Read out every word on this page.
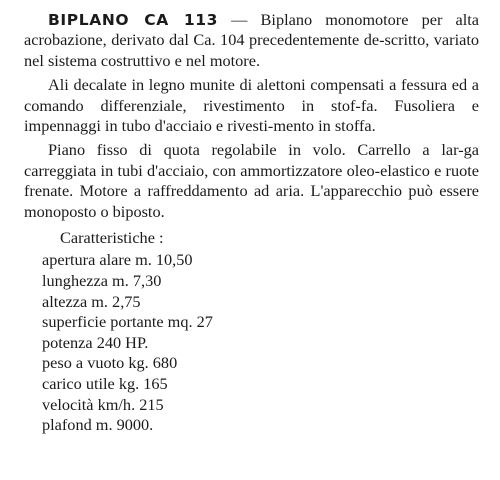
BIPLANO CA 113 — Biplano monomotore per alta acrobazione, derivato dal Ca. 104 precedentemente de-scritto, variato nel sistema costruttivo e nel motore.

Ali decalate in legno munite di alettoni compensati a fessura ed a comando differenziale, rivestimento in stof-fa. Fusoliera e impennaggi in tubo d'acciaio e rivesti-mento in stoffa.

Piano fisso di quota regolabile in volo. Carrello a lar-ga carreggiata in tubi d'acciaio, con ammortizzatore oleo-elastico e ruote frenate. Motore a raffreddamento ad aria. L'apparecchio può essere monoposto o biposto.

Caratteristiche :
apertura alare m. 10,50
lunghezza m. 7,30
altezza m. 2,75
superficie portante mq. 27
potenza 240 HP.
peso a vuoto kg. 680
carico utile kg. 165
velocità km/h. 215
plafond m. 9000.
